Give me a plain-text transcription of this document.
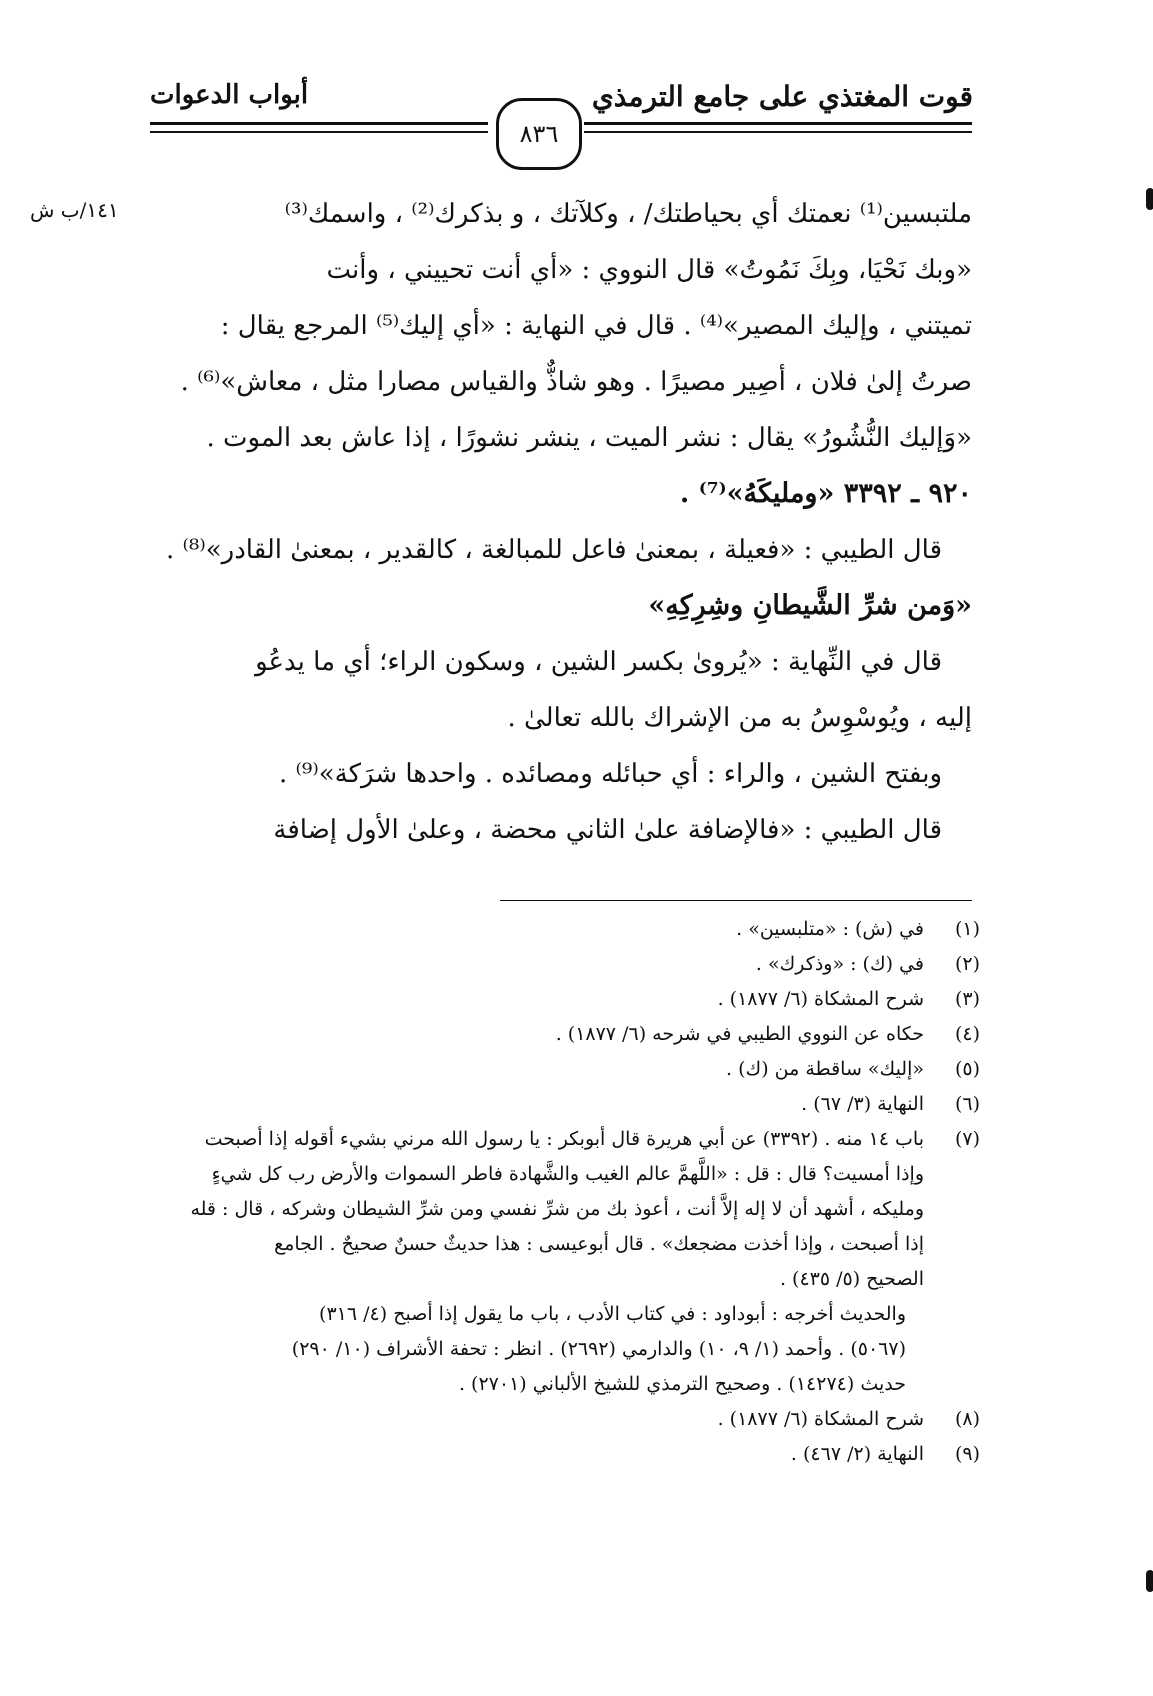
قوت المغتذي على جامع الترمذي
أبواب الدعوات
٨٣٦
١٤١/ب ش	ملتبسين⁽¹⁾ نعمتك أي بحياطتك/ ، وكلآتك ، و بذكرك⁽²⁾ ، واسمك⁽³⁾
«وبك نَحْيَا، وبِكَ نَمُوتُ» قال النووي : «أي أنت تحييني ، وأنت
تميتني ، وإليك المصير»⁽⁴⁾ . قال في النهاية : «أي إليك⁽⁵⁾ المرجع يقال :
صرتُ إلىٰ فلان ، أصِير مصيرًا . وهو شاذٌّ والقياس مصارا مثل ، معاش»⁽⁶⁾ .
«وَإليك النُّشُورُ» يقال : نشر الميت ، ينشر نشورًا ، إذا عاش بعد الموت .
٩٢٠ ـ ٣٣٩٢ «ومليكَهُ»⁽⁷⁾ .
قال الطيبي : «فعيلة ، بمعنىٰ فاعل للمبالغة ، كالقدير ، بمعنىٰ القادر»⁽⁸⁾ .
«وَمن شرِّ الشَّيطانِ وشِرِكِهِ»
قال في النِّهاية : «يُروىٰ بكسر الشين ، وسكون الراء؛ أي ما يدعُو
إليه ، ويُوسْوِسُ به من الإشراك بالله تعالىٰ .
وبفتح الشين ، والراء : أي حبائله ومصائده . واحدها شرَكة»⁽⁹⁾ .
قال الطيبي : «فالإضافة علىٰ الثاني محضة ، وعلىٰ الأول إضافة
(١)
في (ش) : «متلبسين» .
(٢)
في (ك) : «وذكرك» .
(٣)
شرح المشكاة (٦/ ١٨٧٧) .
(٤)
حكاه عن النووي الطيبي في شرحه (٦/ ١٨٧٧) .
(٥)
«إليك» ساقطة من (ك) .
(٦)
النهاية (٣/ ٦٧) .
(٧)
باب ١٤ منه . (٣٣٩٢) عن أبي هريرة قال أبوبكر : يا رسول الله مرني بشيء أقوله إذا أصبحت
وإذا أمسيت؟ قال : قل : «اللَّهمَّ عالم الغيب والشَّهادة فاطر السموات والأرض رب كل شيءٍ
ومليكه ، أشهد أن لا إله إلاَّ أنت ، أعوذ بك من شرِّ نفسي ومن شرِّ الشيطان وشركه ، قال : قله
إذا أصبحت ، وإذا أخذت مضجعك» . قال أبوعيسى : هذا حديثٌ حسنٌ صحيحٌ . الجامع
الصحيح (٥/ ٤٣٥) .
والحديث أخرجه : أبوداود : في كتاب الأدب ، باب ما يقول إذا أصبح (٤/ ٣١٦)
(٥٠٦٧) . وأحمد (١/ ٩، ١٠) والدارمي (٢٦٩٢) . انظر : تحفة الأشراف (١٠/ ٢٩٠)
حديث (١٤٢٧٤) . وصحيح الترمذي للشيخ الألباني (٢٧٠١) .
(٨)
شرح المشكاة (٦/ ١٨٧٧) .
(٩)
النهاية (٢/ ٤٦٧) .
